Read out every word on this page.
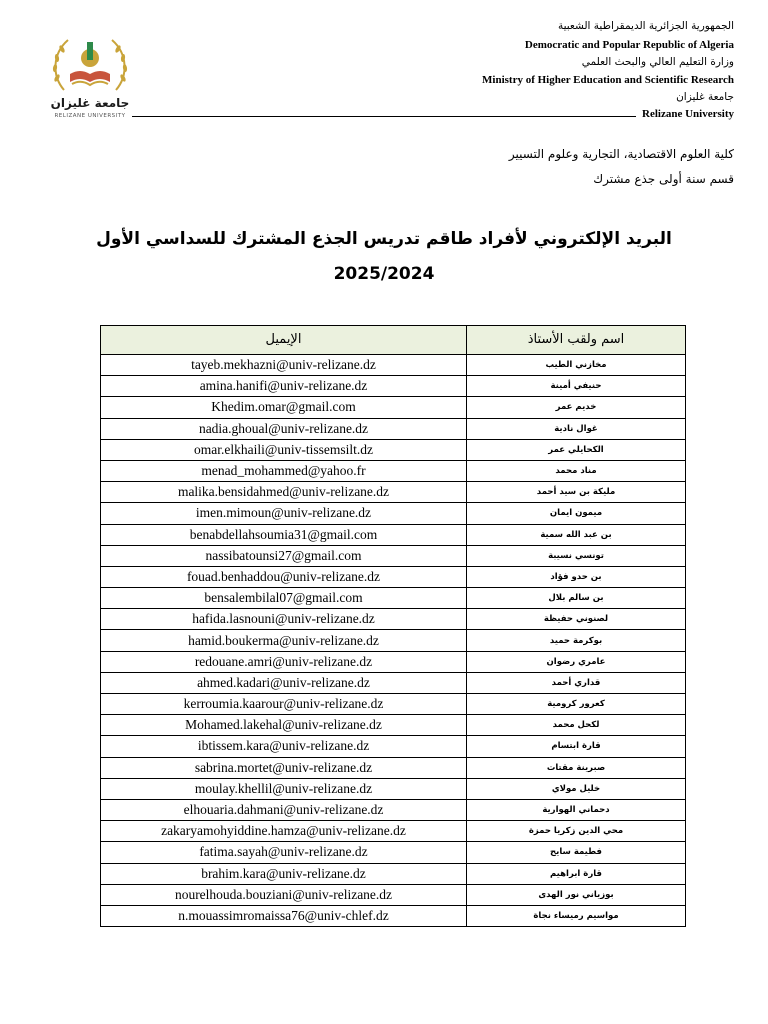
جامعة غليزان
RELIZANE UNIVERSITY
الجمهورية الجزائرية الديمقراطية الشعبية
Democratic and Popular Republic of Algeria
وزارة التعليم العالي والبحث العلمي
Ministry of Higher Education and Scientific Research
جامعة غليزان
Relizane University
كلية العلوم الاقتصادية، التجارية وعلوم التسيير
قسم سنة أولى جذع مشترك
البريد الإلكتروني لأفراد طاقم تدريس الجذع المشترك للسداسي الأول
2025/2024
الإيميل	اسم ولقب الأستاذ
tayeb.mekhazni@univ-relizane.dz	مخازني الطيب
amina.hanifi@univ-relizane.dz	حنيفي أمينة
Khedim.omar@gmail.com	خديم عمر
nadia.ghoual@univ-relizane.dz	غوال نادية
omar.elkhaili@univ-tissemsilt.dz	الكحايلي عمر
menad_mohammed@yahoo.fr	مناد محمد
malika.bensidahmed@univ-relizane.dz	مليكة بن سيد أحمد
imen.mimoun@univ-relizane.dz	ميمون ايمان
benabdellahsoumia31@gmail.com	بن عبد الله سمية
nassibatounsi27@gmail.com	تونسي نسيبة
fouad.benhaddou@univ-relizane.dz	بن حدو فؤاد
bensalembilal07@gmail.com	بن سالم بلال
hafida.lasnouni@univ-relizane.dz	لصنوني حفيظة
hamid.boukerma@univ-relizane.dz	بوكرمة حميد
redouane.amri@univ-relizane.dz	عامري رضوان
ahmed.kadari@univ-relizane.dz	قداري أحمد
kerroumia.kaarour@univ-relizane.dz	كعرور كرومية
Mohamed.lakehal@univ-relizane.dz	لكحل محمد
ibtissem.kara@univ-relizane.dz	قارة ابتسام
sabrina.mortet@univ-relizane.dz	صبرينة مقتات
moulay.khellil@univ-relizane.dz	خليل مولاي
elhouaria.dahmani@univ-relizane.dz	دحماني الهوارية
zakaryamohyiddine.hamza@univ-relizane.dz	محي الدين زكريا حمزة
fatima.sayah@univ-relizane.dz	فطيمة سايح
brahim.kara@univ-relizane.dz	قارة ابراهيم
nourelhouda.bouziani@univ-relizane.dz	بوزياني نور الهدى
n.mouassimromaissa76@univ-chlef.dz	مواسيم رميساء نجاة
